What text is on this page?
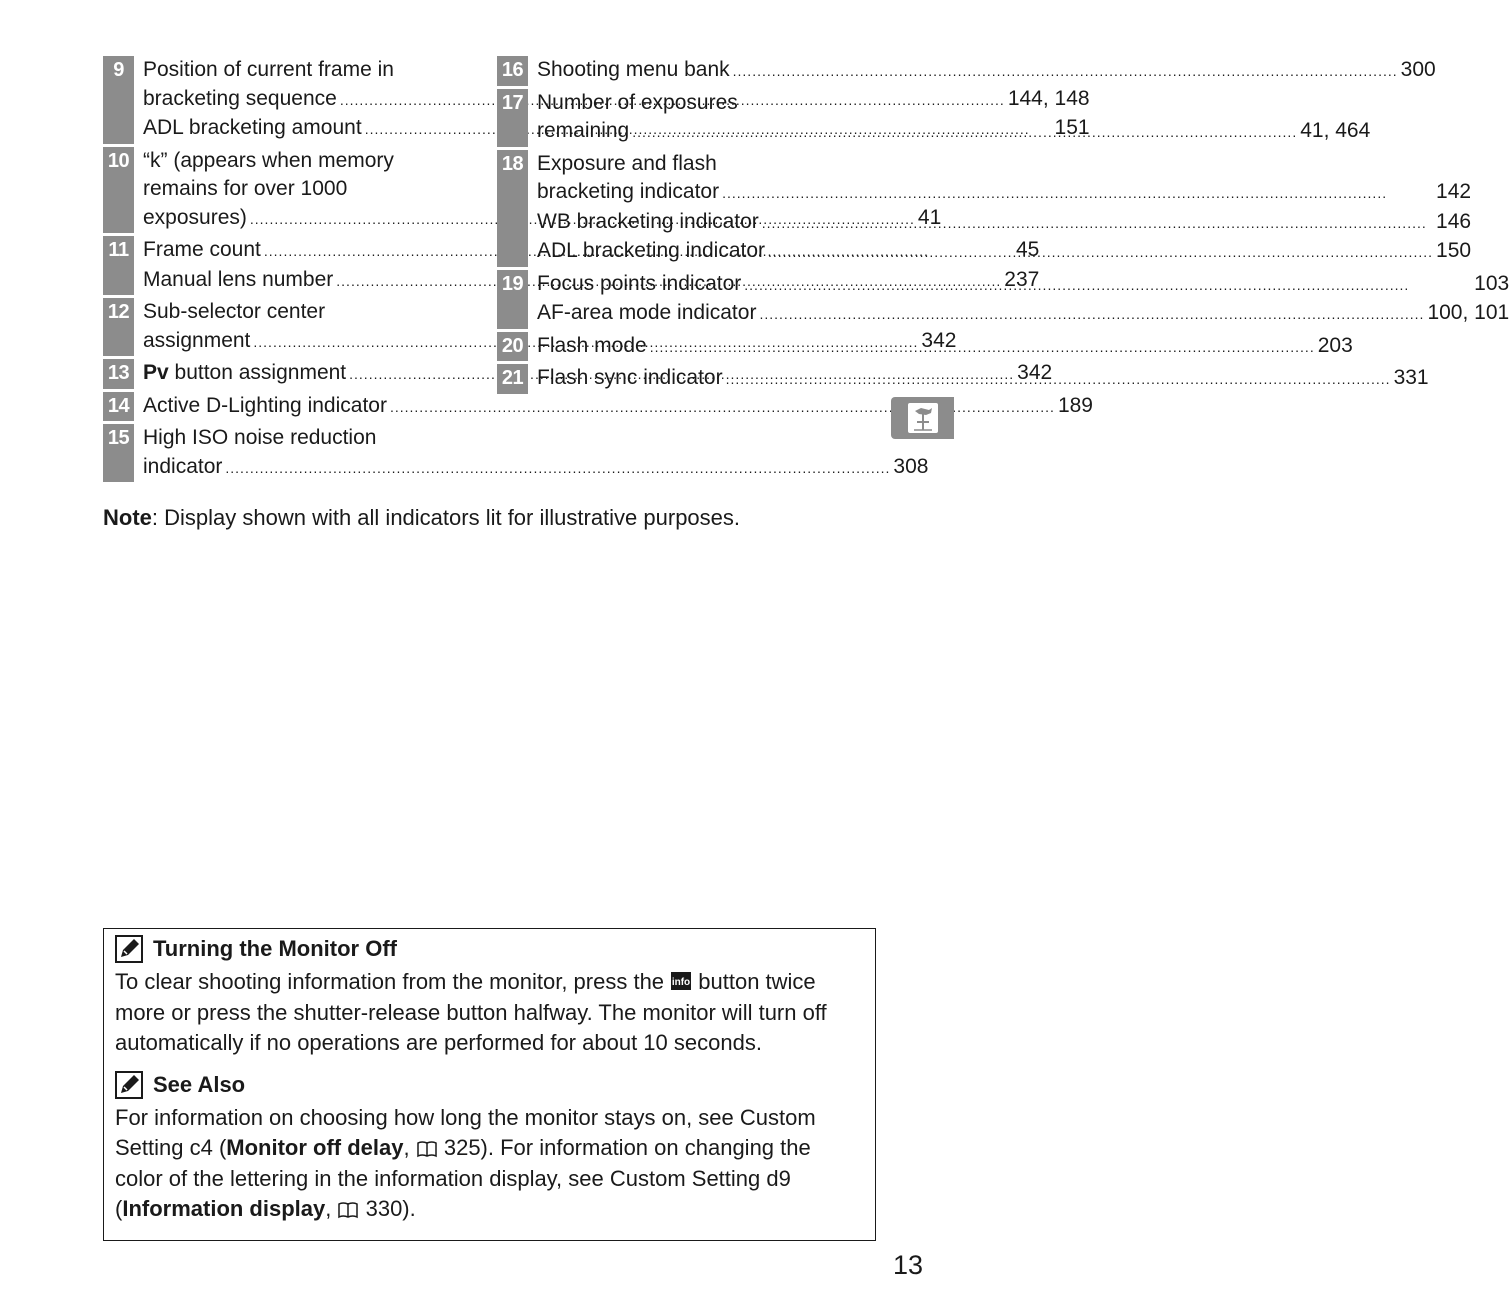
9 Position of current frame in
bracketing sequence .....	144, 148
ADL bracketing amount .....	151
10 “k” (appears when memory
remains for over 1000
exposures) .....	41
11 Frame count .....	45
Manual lens number .....	237
12 Sub-selector center
assignment .....	342
13 Pv button assignment .....	342
14 Active D-Lighting indicator .....	189
15 High ISO noise reduction
indicator .....	308
16 Shooting menu bank .....	300
17 Number of exposures
remaining .....	41, 464
18 Exposure and flash
bracketing indicator .....	142
WB bracketing indicator .....	146
ADL bracketing indicator .....	150
19 Focus points indicator .....	103
AF-area mode indicator .....	100, 101
20 Flash mode .....	203
21 Flash sync indicator .....	331
Note: Display shown with all indicators lit for illustrative purposes.
Turning the Monitor Off
To clear shooting information from the monitor, press the info button twice more or press the shutter-release button halfway. The monitor will turn off automatically if no operations are performed for about 10 seconds.
See Also
For information on choosing how long the monitor stays on, see Custom Setting c4 (Monitor off delay,  325). For information on changing the color of the lettering in the information display, see Custom Setting d9 (Information display,  330).
13
